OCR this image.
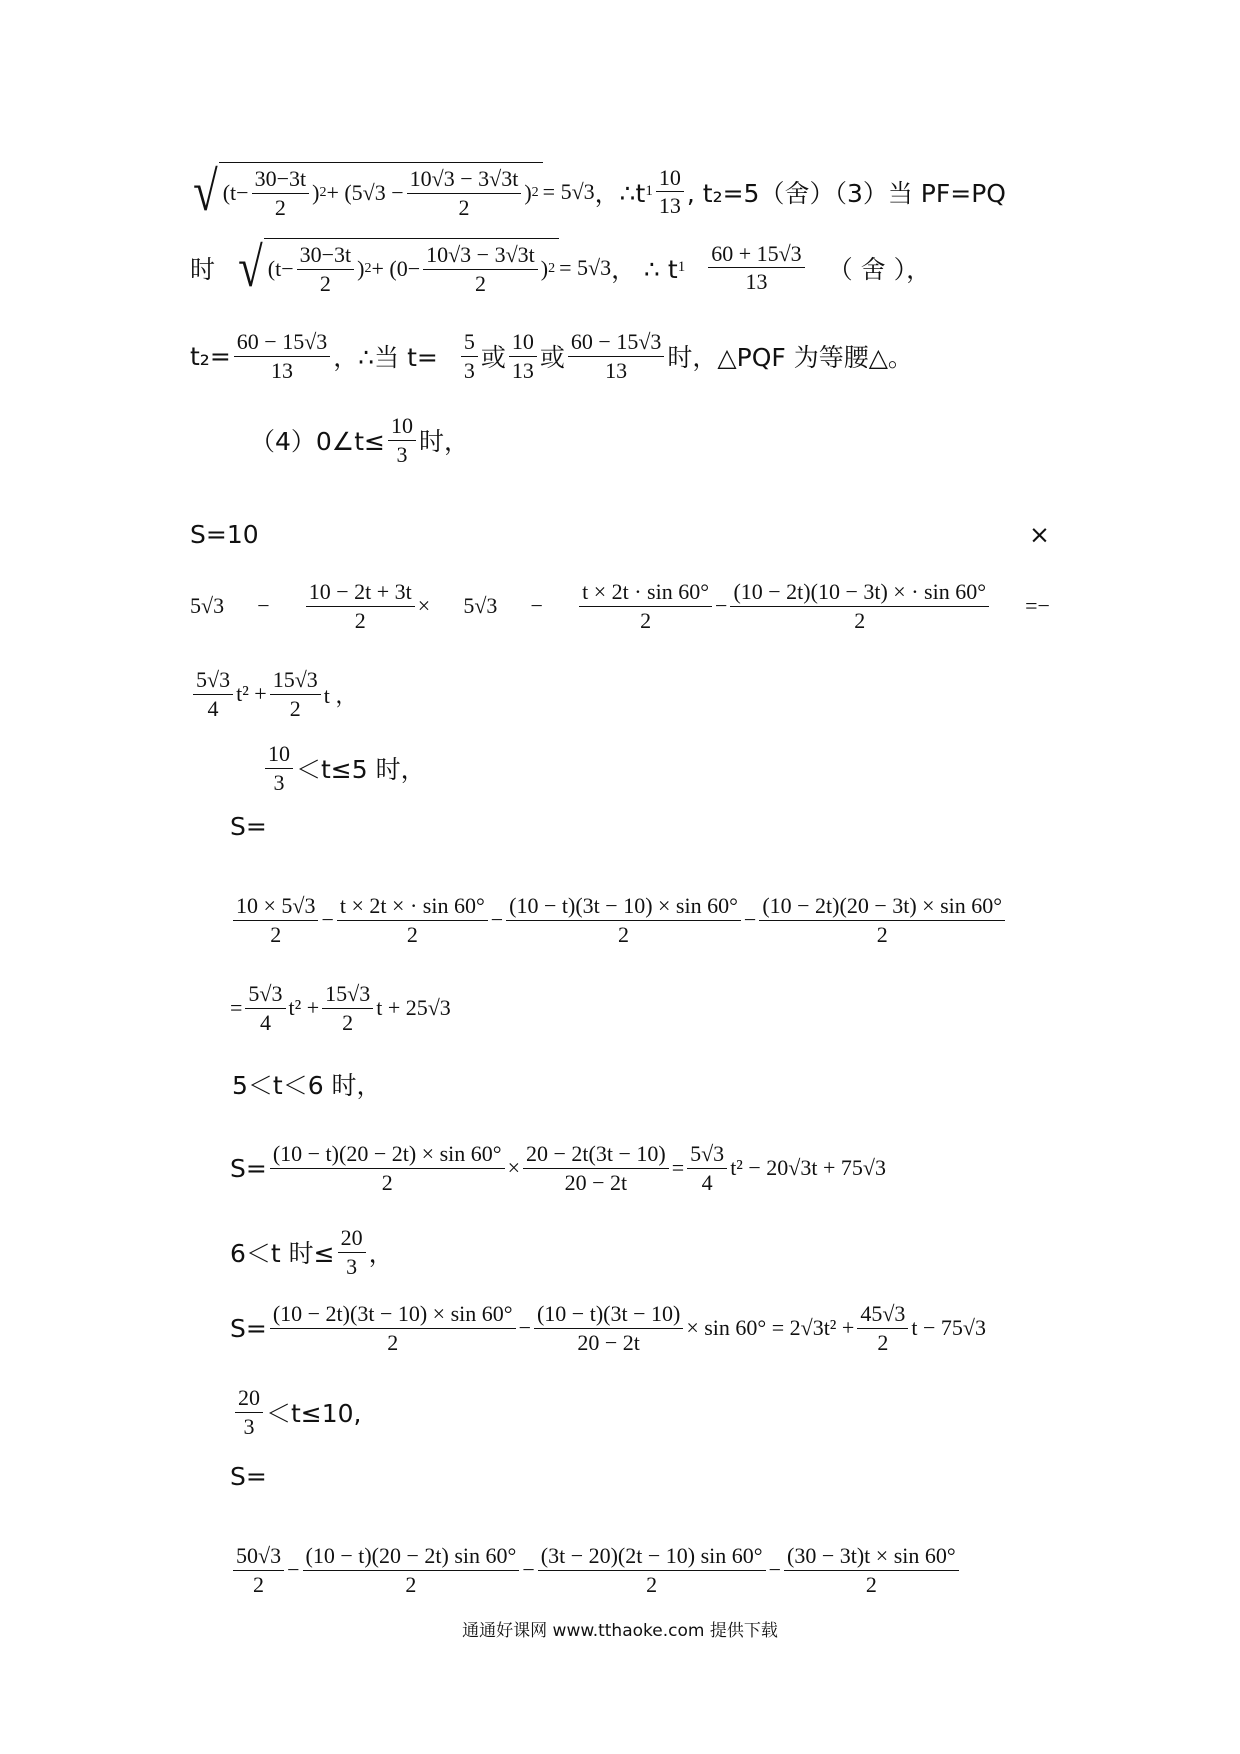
√ ($t- \frac{30-3t}{2}$ ) $2 + (5√3 - \frac{10√3 - 3√3t}{2}$ ) 2 = 5√3 ，∴t $1 \frac{10}{13}$ , t₂=5（舍）（3）当 PF=PQ
时 √ ($t- \frac{30-3t}{2}$ ) $2 + (0- \frac{10√3 - 3√3t}{2}$ ) 2 = 5√3 ， ∴ t $1 \frac{60 + 15√3}{13}$ （ 舍 ），
$t_2= \frac{60 - 15√3}{13}$ ，∴当 $t= \frac{5}{3}$ 或 $\frac{10}{13}$ 或 $\frac{60 - 15√3}{13}$ 时，△PQF 为等腰△。
（4）0∠t≤ $\frac{10}{3}$ 时，
S=10	×
$5√3 - \frac{10 - 2t + 3t}{2} \times 5√3 - \frac{t \times 2t \cdot \sin 60^\circ}{2} - \frac{(10 - 2t)(10 - 3t) \times \cdot \sin 60^\circ}{2}$ =−
$\frac{5√3}{4} t^2 + \frac{15√3}{2}$ t ，
$\frac{10}{3} <t\le 5$ 时，
S=
$\frac{10 \times 5√3}{2} - \frac{t \times 2t \times \cdot \sin 60^\circ}{2} - \frac{(10 - t)(3t - 10) \times \sin 60^\circ}{2} - \frac{(10 - 2t)(20 - 3t) \times \sin 60^\circ}{2}$
= $\frac{5√3}{4} t^2 + \frac{15√3}{2}$ t + 25√3
5＜t＜6 时，
$S= \frac{(10 - t)(20 - 2t) \times \sin 60^\circ}{2} \times \frac{20 - 2t(3t - 10)}{20 - 2t} = \frac{5√3}{4} t^2 - 20√3t + 75√3$
6＜t 时≤ $\frac{20}{3}$ ，
$S= \frac{(10 - 2t)(3t - 10) \times \sin 60^\circ}{2} - \frac{(10 - t)(3t - 10)}{20 - 2t} \times \sin 60^\circ = 2√3t^2 + \frac{45√3}{2}$ t − 75√3
$\frac{20}{3} <t\le 10$,
S=
$\frac{50√3}{2} - \frac{(10 - t)(20 - 2t) \sin 60^\circ}{2} - \frac{(3t - 20)(2t - 10) \sin 60^\circ}{2} - \frac{(30 - 3t)t \times \sin 60^\circ}{2}$
通通好课网 www.tthaoke.com 提供下载
